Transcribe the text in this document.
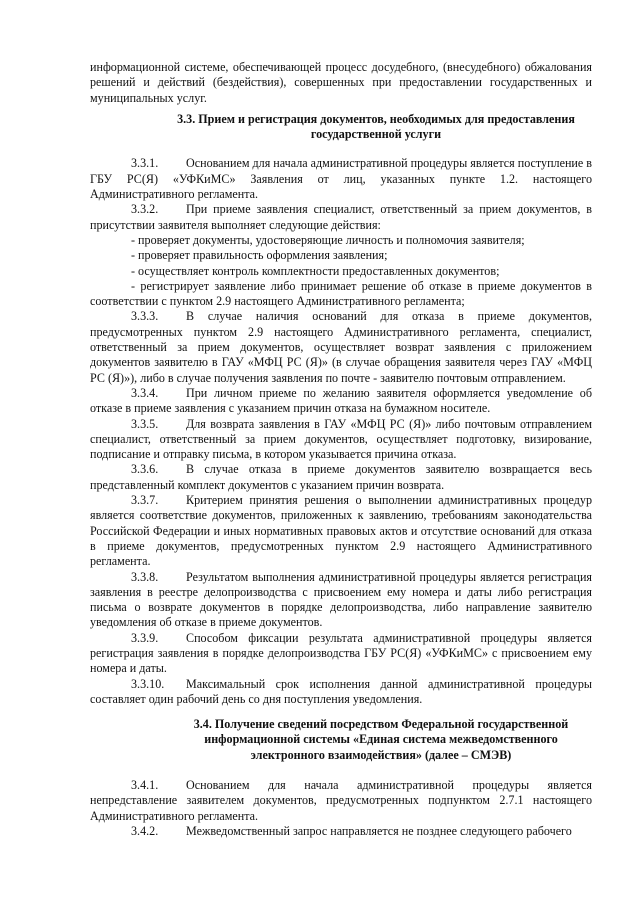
информационной системе, обеспечивающей процесс досудебного, (внесудебного) обжалования решений и действий (бездействия), совершенных при предоставлении государственных и муниципальных услуг.

3.3. Прием и регистрация документов, необходимых для предоставления
государственной услуги

3.3.1. Основанием для начала административной процедуры является поступление в ГБУ РС(Я) «УФКиМС» Заявления от лиц, указанных пункте 1.2. настоящего Административного регламента.

3.3.2. При приеме заявления специалист, ответственный за прием документов, в присутствии заявителя выполняет следующие действия:

- проверяет документы, удостоверяющие личность и полномочия заявителя;

- проверяет правильность оформления заявления;

- осуществляет контроль комплектности предоставленных документов;

- регистрирует заявление либо принимает решение об отказе в приеме документов в соответствии с пунктом 2.9 настоящего Административного регламента;

3.3.3. В случае наличия оснований для отказа в приеме документов, предусмотренных пунктом 2.9 настоящего Административного регламента, специалист, ответственный за прием документов, осуществляет возврат заявления с приложением документов заявителю в ГАУ «МФЦ РС (Я)» (в случае обращения заявителя через ГАУ «МФЦ РС (Я)»), либо в случае получения заявления по почте - заявителю почтовым отправлением.

3.3.4. При личном приеме по желанию заявителя оформляется уведомление об отказе в приеме заявления с указанием причин отказа на бумажном носителе.

3.3.5. Для возврата заявления в ГАУ «МФЦ РС (Я)» либо почтовым отправлением специалист, ответственный за прием документов, осуществляет подготовку, визирование, подписание и отправку письма, в котором указывается причина отказа.

3.3.6. В случае отказа в приеме документов заявителю возвращается весь представленный комплект документов с указанием причин возврата.

3.3.7. Критерием принятия решения о выполнении административных процедур является соответствие документов, приложенных к заявлению, требованиям законодательства Российской Федерации и иных нормативных правовых актов и отсутствие оснований для отказа в приеме документов, предусмотренных пунктом 2.9 настоящего Административного регламента.

3.3.8. Результатом выполнения административной процедуры является регистрация заявления в реестре делопроизводства с присвоением ему номера и даты либо регистрация письма о возврате документов в порядке делопроизводства, либо направление заявителю уведомления об отказе в приеме документов.

3.3.9. Способом фиксации результата административной процедуры является регистрация заявления в порядке делопроизводства ГБУ РС(Я) «УФКиМС» с присвоением ему номера и даты.

3.3.10. Максимальный срок исполнения данной административной процедуры составляет один рабочий день со дня поступления уведомления.

3.4. Получение сведений посредством Федеральной государственной
информационной системы «Единая система межведомственного
электронного взаимодействия» (далее – СМЭВ)

3.4.1. Основанием для начала административной процедуры является непредставление заявителем документов, предусмотренных подпунктом 2.7.1 настоящего Административного регламента.

3.4.2. Межведомственный запрос направляется не позднее следующего рабочего
